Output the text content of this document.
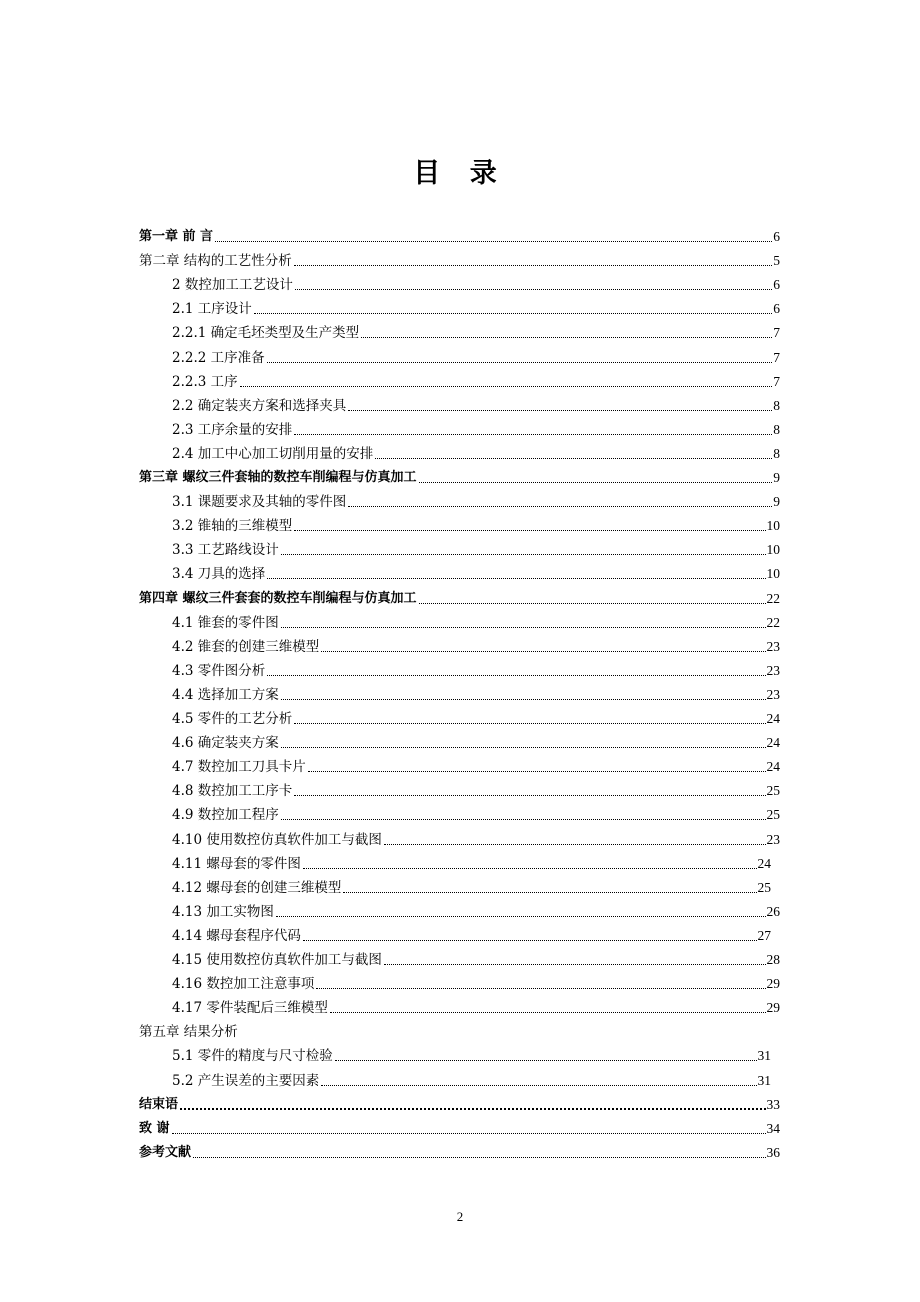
目 录
第一章 前 言	6
第二章 结构的工艺性分析	5
2 数控加工工艺设计	6
2.1 工序设计	6
2.2.1 确定毛坯类型及生产类型	7
2.2.2 工序准备	7
2.2.3 工序	7
2.2 确定装夹方案和选择夹具	8
2.3 工序余量的安排	8
2.4 加工中心加工切削用量的安排	8
第三章 螺纹三件套轴的数控车削编程与仿真加工	9
3.1 课题要求及其轴的零件图	9
3.2 锥轴的三维模型	10
3.3 工艺路线设计	10
3.4 刀具的选择	10
第四章 螺纹三件套套的数控车削编程与仿真加工	22
4.1 锥套的零件图	22
4.2 锥套的创建三维模型	23
4.3 零件图分析	23
4.4 选择加工方案	23
4.5 零件的工艺分析	24
4.6 确定装夹方案	24
4.7 数控加工刀具卡片	24
4.8 数控加工工序卡	25
4.9 数控加工程序	25
4.10 使用数控仿真软件加工与截图	23
4.11 螺母套的零件图	24
4.12 螺母套的创建三维模型	25
4.13 加工实物图	26
4.14 螺母套程序代码	27
4.15 使用数控仿真软件加工与截图	28
4.16 数控加工注意事项	29
4.17 零件装配后三维模型	29
第五章 结果分析
5.1 零件的精度与尺寸检验	31
5.2 产生误差的主要因素	31
结束语	33
致 谢	34
参考文献	36
2
